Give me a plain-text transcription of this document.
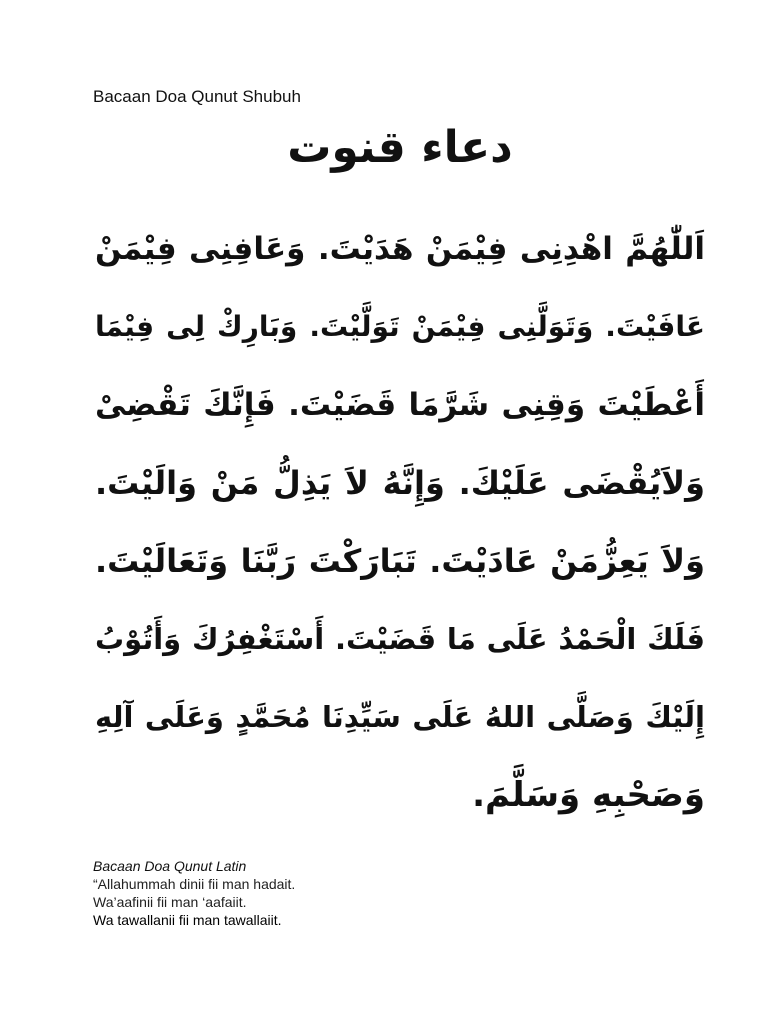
Bacaan Doa Qunut Shubuh
دعاء قنوت
اَللّٰهُمَّ اهْدِنِى فِيْمَنْ هَدَيْتَ. وَعَافِنِى فِيْمَنْ
عَافَيْتَ. وَتَوَلَّنِى فِيْمَنْ تَوَلَّيْتَ. وَبَارِكْ لِى فِيْمَا
أَعْطَيْتَ وَقِنِى شَرَّمَا قَضَيْتَ. فَإِنَّكَ تَقْضِىْ
وَلاَيُقْضَى عَلَيْكَ. وَإِنَّهُ لاَ يَذِلُّ مَنْ وَالَيْتَ.
وَلاَ يَعِزُّمَنْ عَادَيْتَ. تَبَارَكْتَ رَبَّنَا وَتَعَالَيْتَ.
فَلَكَ الْحَمْدُ عَلَى مَا قَضَيْتَ. أَسْتَغْفِرُكَ وَأَتُوْبُ
إِلَيْكَ وَصَلَّى اللهُ عَلَى سَيِّدِنَا مُحَمَّدٍ وَعَلَى آلِهِ
وَصَحْبِهِ وَسَلَّمَ.
Bacaan Doa Qunut Latin
“Allahummah dinii fii man hadait.
Wa’aafinii fii man ‘aafaiit.
Wa tawallanii fii man tawallaiit.
